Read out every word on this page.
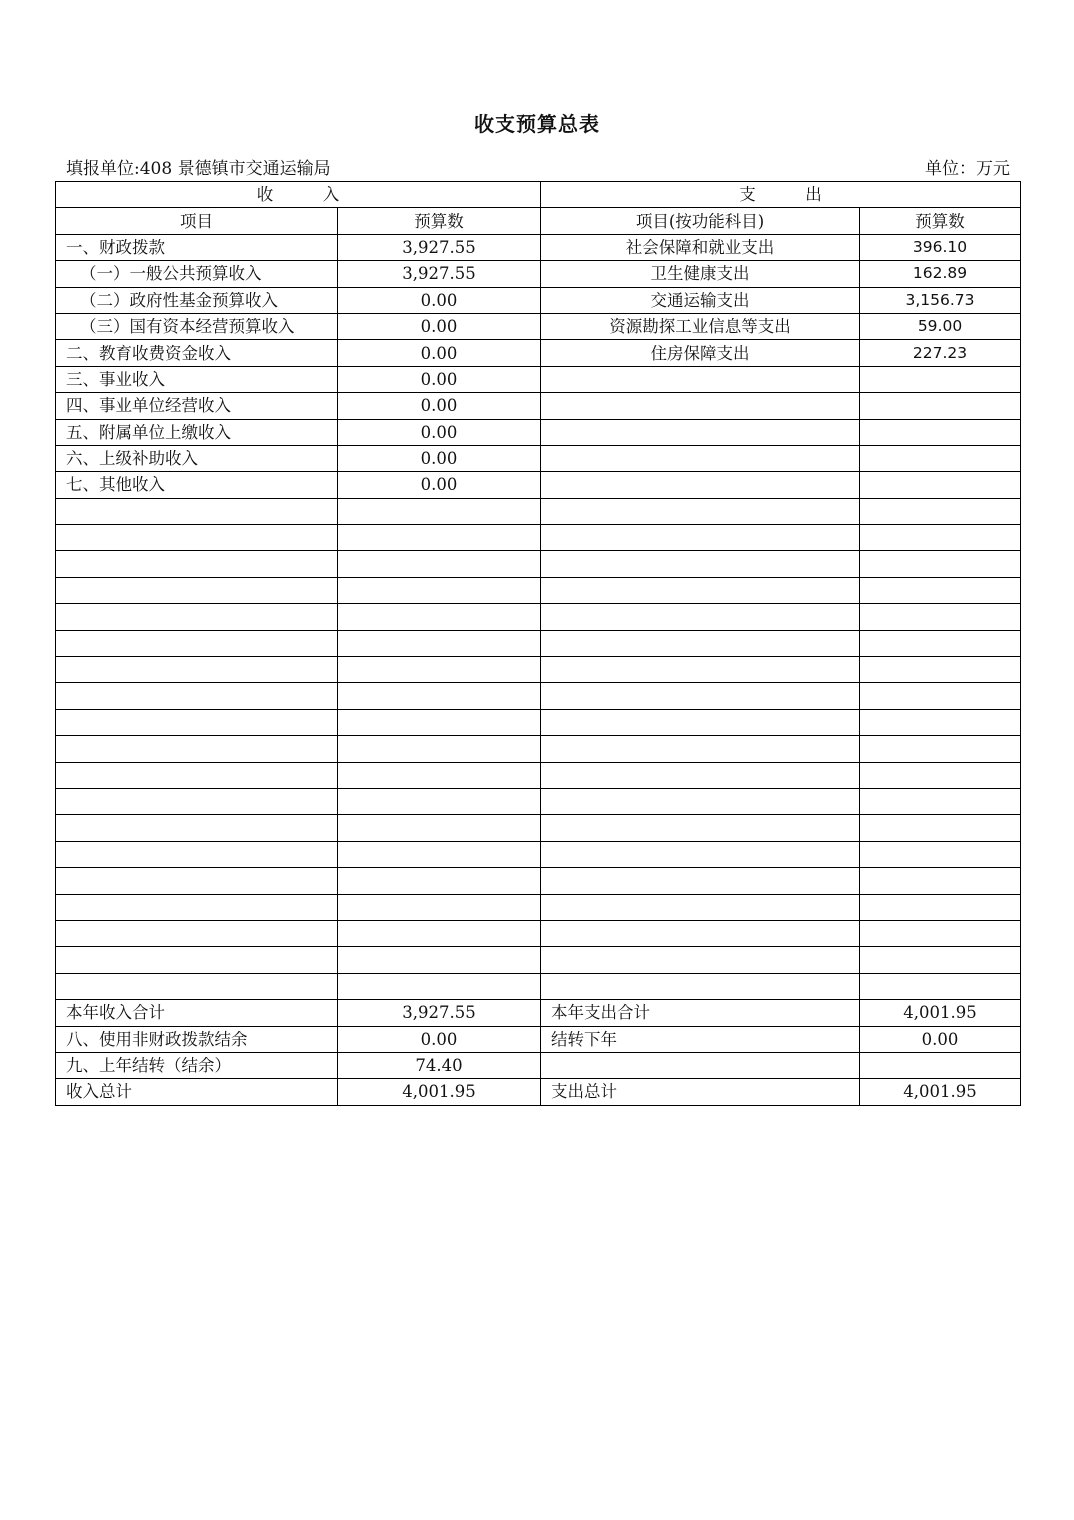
收支预算总表
填报单位:408 景德镇市交通运输局	单位：万元
收　　　入		支　　　出	
项目	预算数	项目(按功能科目)	预算数
一、财政拨款	3,927.55	社会保障和就业支出	396.10
（一）一般公共预算收入	3,927.55	卫生健康支出	162.89
（二）政府性基金预算收入	0.00	交通运输支出	3,156.73
（三）国有资本经营预算收入	0.00	资源勘探工业信息等支出	59.00
二、教育收费资金收入	0.00	住房保障支出	227.23
三、事业收入	0.00		
四、事业单位经营收入	0.00		
五、附属单位上缴收入	0.00		
六、上级补助收入	0.00		
七、其他收入	0.00		

本年收入合计	3,927.55	本年支出合计	4,001.95
八、使用非财政拨款结余	0.00	结转下年	0.00
九、上年结转（结余）	74.40		
收入总计	4,001.95	支出总计	4,001.95
